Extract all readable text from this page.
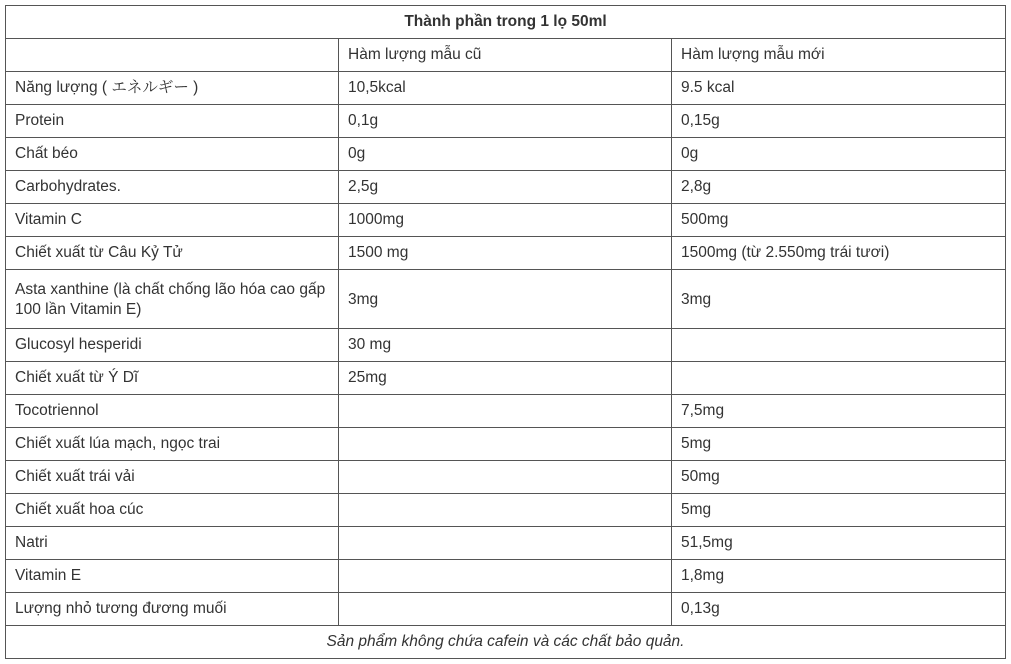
Thành phần trong 1 lọ 50ml		
	Hàm lượng mẫu cũ	Hàm lượng mẫu mới
Năng lượng ( エネルギー )	10,5kcal	9.5 kcal
Protein	0,1g	0,15g
Chất béo	0g	0g
Carbohydrates.	2,5g	2,8g
Vitamin C	1000mg	500mg
Chiết xuất từ Câu Kỷ Tử	1500 mg	1500mg (từ 2.550mg trái tươi)
Asta xanthine (là chất chống lão hóa cao gấp 100 lần Vitamin E)	3mg	3mg
Glucosyl hesperidi	30 mg	
Chiết xuất từ Ý Dĩ	25mg	
Tocotriennol		7,5mg
Chiết xuất lúa mạch, ngọc trai		5mg
Chiết xuất trái vải		50mg
Chiết xuất hoa cúc		5mg
Natri		51,5mg
Vitamin E		1,8mg
Lượng nhỏ tương đương muối		0,13g
Sản phẩm không chứa cafein và các chất bảo quản.		
